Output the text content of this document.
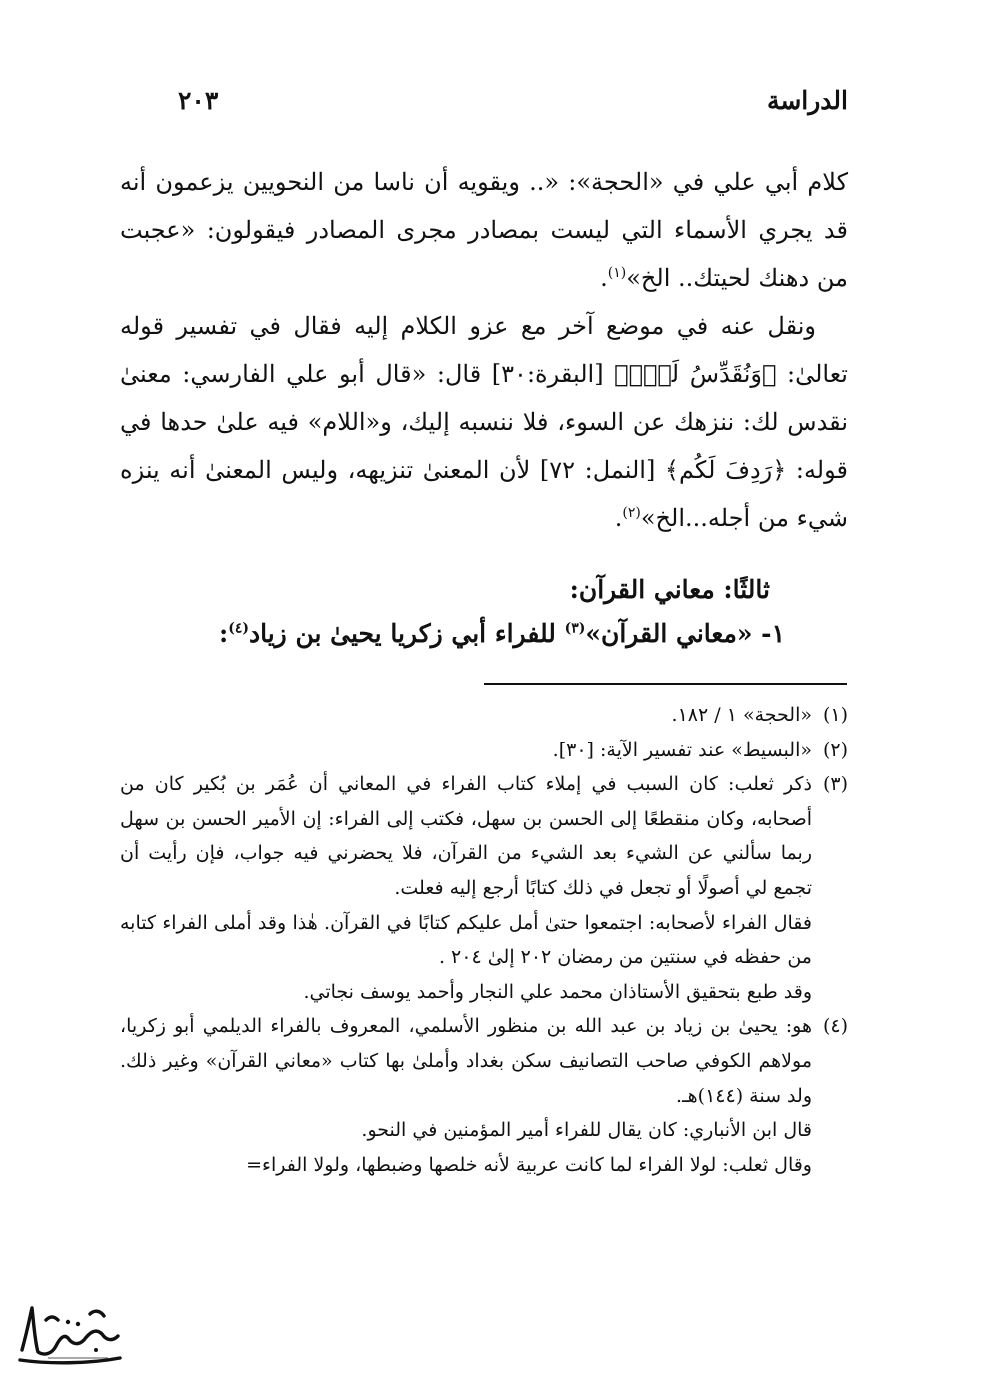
الدراسة
٢٠٣

كلام أبي علي في «الحجة»: «.. ويقويه أن ناسا من النحويين يزعمون أنه قد يجري الأسماء التي ليست بمصادر مجرى المصادر فيقولون: «عجبت من دهنك لحيتك.. الخ»$^{(١)}$.

ونقل عنه في موضع آخر مع عزو الكلام إليه فقال في تفسير قوله تعالىٰ: ﴿وَنُقَدِّسُ لَكَۖ﴾ [البقرة:٣٠] قال: «قال أبو علي الفارسي: معنىٰ نقدس لك: ننزهك عن السوء، فلا ننسبه إليك، و«اللام» فيه علىٰ حدها في قوله: ﴿رَدِفَ لَكُم﴾ [النمل: ٧٢] لأن المعنىٰ تنزيهه، وليس المعنىٰ أنه ينزه شيء من أجله...الخ»$^{(٢)}$.

ثالثًا: معاني القرآن:
١- «معاني القرآن»$^{(٣)}$ للفراء أبي زكريا يحيىٰ بن زياد$^{(٤)}$:
(١)
«الحجة» ١ / ١٨٢.
(٢)
«البسيط» عند تفسير الآية: [٣٠].
(٣)
ذكر ثعلب: كان السبب في إملاء كتاب الفراء في المعاني أن عُمَر بن بُكير كان من أصحابه، وكان منقطعًا إلى الحسن بن سهل، فكتب إلى الفراء: إن الأمير الحسن بن سهل ربما سألني عن الشيء بعد الشيء من القرآن، فلا يحضرني فيه جواب، فإن رأيت أن تجمع لي أصولًا أو تجعل في ذلك كتابًا أرجع إليه فعلت.
فقال الفراء لأصحابه: اجتمعوا حتىٰ أمل عليكم كتابًا في القرآن. هٰذا وقد أملى الفراء كتابه من حفظه في سنتين من رمضان ٢٠٢ إلىٰ ٢٠٤ .
وقد طبع بتحقيق الأستاذان محمد علي النجار وأحمد يوسف نجاتي.
(٤)
هو: يحيىٰ بن زياد بن عبد الله بن منظور الأسلمي، المعروف بالفراء الديلمي أبو زكريا، مولاهم الكوفي صاحب التصانيف سكن بغداد وأملىٰ بها كتاب «معاني القرآن» وغير ذلك. ولد سنة (١٤٤)هـ.
قال ابن الأنباري: كان يقال للفراء أمير المؤمنين في النحو.
وقال ثعلب: لولا الفراء لما كانت عربية لأنه خلصها وضبطها، ولولا الفراء=
